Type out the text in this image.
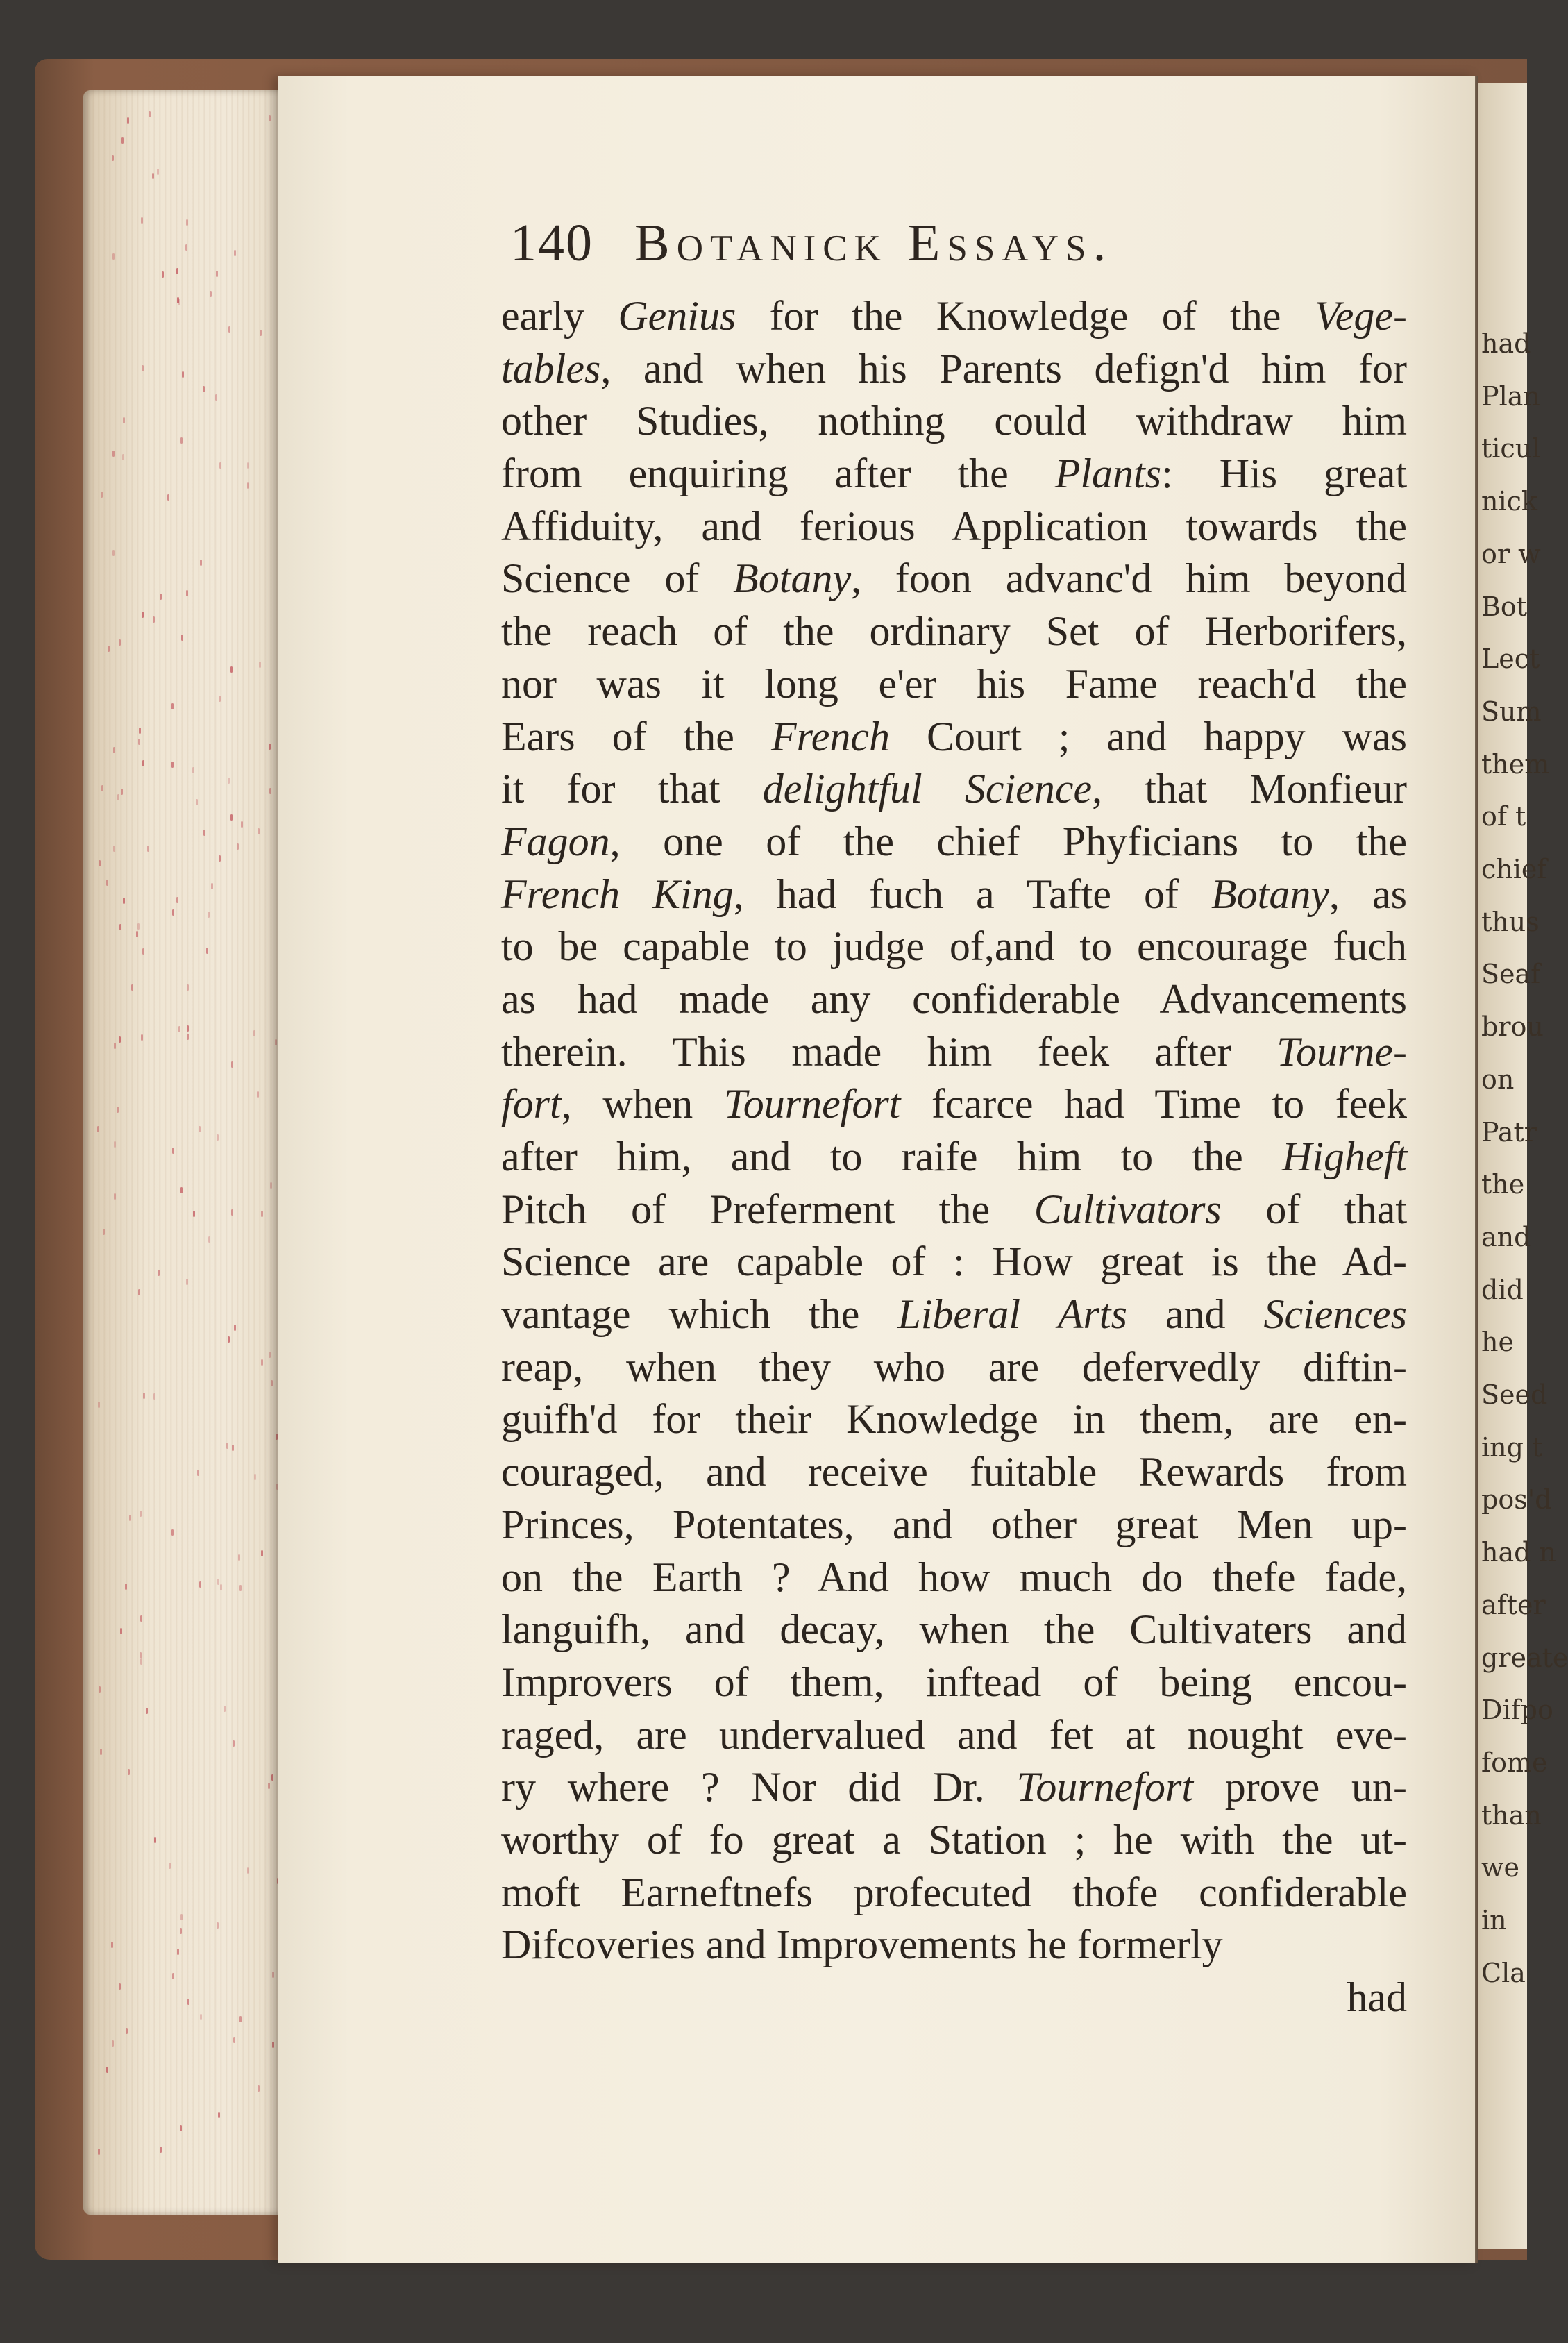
had
Plan
ticul
nick
or w
Bot
Lect
Sum
them
of t
chief
thus
Seaf
brou
on
Patr
the
and
did
he
Seed
ing t
pos'd
had n
after
greate
Difpo
fome
than
we
in
Cla
140 Botanick Essays.
early Genius for the Knowledge of the Vege-
tables, and when his Parents defign'd him for
other Studies, nothing could withdraw him
from enquiring after the Plants: His great
Affiduity, and ferious Application towards the
Science of Botany, foon advanc'd him beyond
the reach of the ordinary Set of Herborifers,
nor was it long e'er his Fame reach'd the
Ears of the French Court ; and happy was
it for that delightful Science, that Monfieur
Fagon, one of the chief Phyficians to the
French King, had fuch a Tafte of Botany, as
to be capable to judge of,and to encourage fuch
as had made any confiderable Advancements
therein. This made him feek after Tourne-
fort, when Tournefort fcarce had Time to feek
after him, and to raife him to the Higheft
Pitch of Preferment the Cultivators of that
Science are capable of : How great is the Ad-
vantage which the Liberal Arts and Sciences
reap, when they who are defervedly diftin-
guifh'd for their Knowledge in them, are en-
couraged, and receive fuitable Rewards from
Princes, Potentates, and other great Men up-
on the Earth ? And how much do thefe fade,
languifh, and decay, when the Cultivaters and
Improvers of them, inftead of being encou-
raged, are undervalued and fet at nought eve-
ry where ? Nor did Dr. Tournefort prove un-
worthy of fo great a Station ; he with the ut-
moft Earneftnefs profecuted thofe confiderable
Difcoveries and Improvements he formerly
had
